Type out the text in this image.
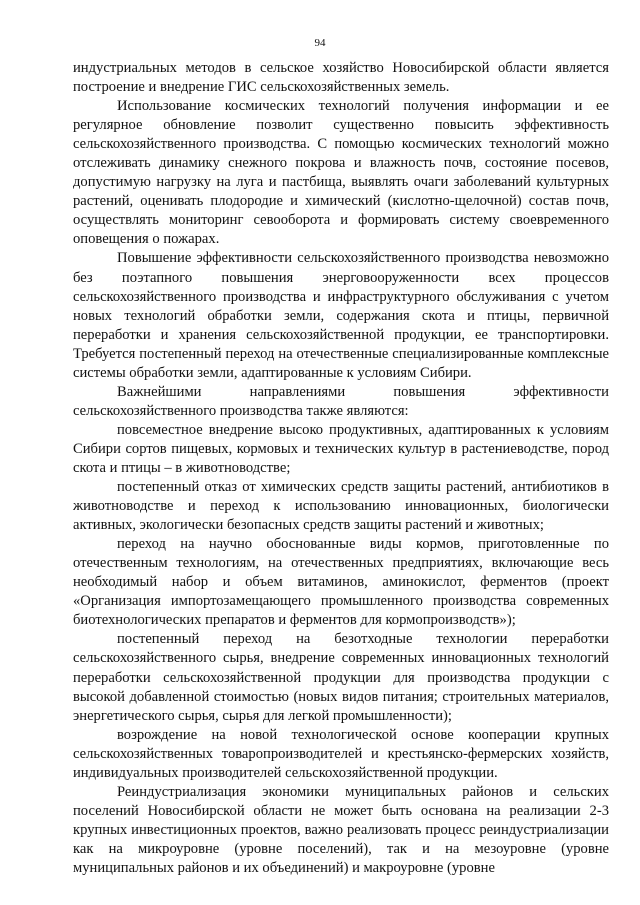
94

индустриальных методов в сельское хозяйство Новосибирской области является построение и внедрение ГИС сельскохозяйственных земель.

Использование космических технологий получения информации и ее регулярное обновление позволит существенно повысить эффективность сельскохозяйственного производства. С помощью космических технологий можно отслеживать динамику снежного покрова и влажность почв, состояние посевов, допустимую нагрузку на луга и пастбища, выявлять очаги заболеваний культурных растений, оценивать плодородие и химический (кислотно-щелочной) состав почв, осуществлять мониторинг севооборота и формировать систему своевременного оповещения о пожарах.

Повышение эффективности сельскохозяйственного производства невозможно без поэтапного повышения энерговооруженности всех процессов сельскохозяйственного производства и инфраструктурного обслуживания с учетом новых технологий обработки земли, содержания скота и птицы, первичной переработки и хранения сельскохозяйственной продукции, ее транспортировки. Требуется постепенный переход на отечественные специализированные комплексные системы обработки земли, адаптированные к условиям Сибири.

Важнейшими направлениями повышения эффективности сельскохозяйственного производства также являются:

повсеместное внедрение высоко продуктивных, адаптированных к условиям Сибири сортов пищевых, кормовых и технических культур в растениеводстве, пород скота и птицы – в животноводстве;

постепенный отказ от химических средств защиты растений, антибиотиков в животноводстве и переход к использованию инновационных, биологически активных, экологически безопасных средств защиты растений и животных;

переход на научно обоснованные виды кормов, приготовленные по отечественным технологиям, на отечественных предприятиях, включающие весь необходимый набор и объем витаминов, аминокислот, ферментов (проект «Организация импортозамещающего промышленного производства современных биотехнологических препаратов и ферментов для кормопроизводств»);

постепенный переход на безотходные технологии переработки сельскохозяйственного сырья, внедрение современных инновационных технологий переработки сельскохозяйственной продукции для производства продукции с высокой добавленной стоимостью (новых видов питания; строительных материалов, энергетического сырья, сырья для легкой промышленности);

возрождение на новой технологической основе кооперации крупных сельскохозяйственных товаропроизводителей и крестьянско-фермерских хозяйств, индивидуальных производителей сельскохозяйственной продукции.

Реиндустриализация экономики муниципальных районов и сельских поселений Новосибирской области не может быть основана на реализации 2-3 крупных инвестиционных проектов, важно реализовать процесс реиндустриализации как на микроуровне (уровне поселений), так и на мезоуровне (уровне муниципальных районов и их объединений) и макроуровне (уровне
